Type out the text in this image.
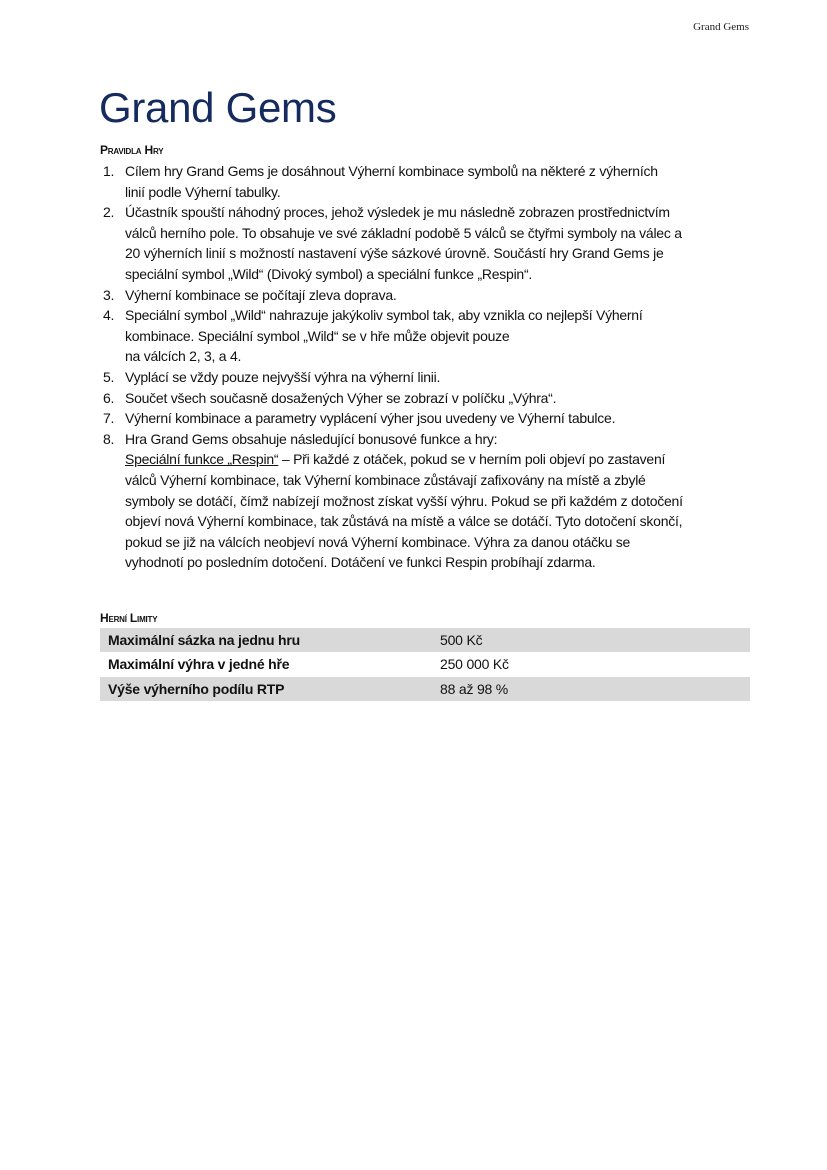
Grand Gems
Grand Gems
Pravidla Hry
1. Cílem hry Grand Gems je dosáhnout Výherní kombinace symbolů na některé z výherních
linií podle Výherní tabulky.
2. Účastník spouští náhodný proces, jehož výsledek je mu následně zobrazen prostřednictvím
válců herního pole. To obsahuje ve své základní podobě 5 válců se čtyřmi symboly na válec a
20 výherních linií s možností nastavení výše sázkové úrovně. Součástí hry Grand Gems je
speciální symbol „Wild“ (Divoký symbol) a speciální funkce „Respin“.
3. Výherní kombinace se počítají zleva doprava.
4. Speciální symbol „Wild“ nahrazuje jakýkoliv symbol tak, aby vznikla co nejlepší Výherní
kombinace. Speciální symbol „Wild“ se v hře může objevit pouze
na válcích 2, 3, a 4.
5. Vyplácí se vždy pouze nejvyšší výhra na výherní linii.
6. Součet všech současně dosažených Výher se zobrazí v políčku „Výhra“.
7. Výherní kombinace a parametry vyplácení výher jsou uvedeny ve Výherní tabulce.
8. Hra Grand Gems obsahuje následující bonusové funkce a hry:
Speciální funkce „Respin“ – Při každé z otáček, pokud se v herním poli objeví po zastavení
válců Výherní kombinace, tak Výherní kombinace zůstávají zafixovány na místě a zbylé
symboly se dotáčí, čímž nabízejí možnost získat vyšší výhru. Pokud se při každém z dotočení
objeví nová Výherní kombinace, tak zůstává na místě a válce se dotáčí. Tyto dotočení skončí,
pokud se již na válcích neobjeví nová Výherní kombinace. Výhra za danou otáčku se
vyhodnotí po posledním dotočení. Dotáčení ve funkci Respin probíhají zdarma.
Herní Limity
Maximální sázka na jednu hru	500 Kč
Maximální výhra v jedné hře	250 000 Kč
Výše výherního podílu RTP	88 až 98 %
